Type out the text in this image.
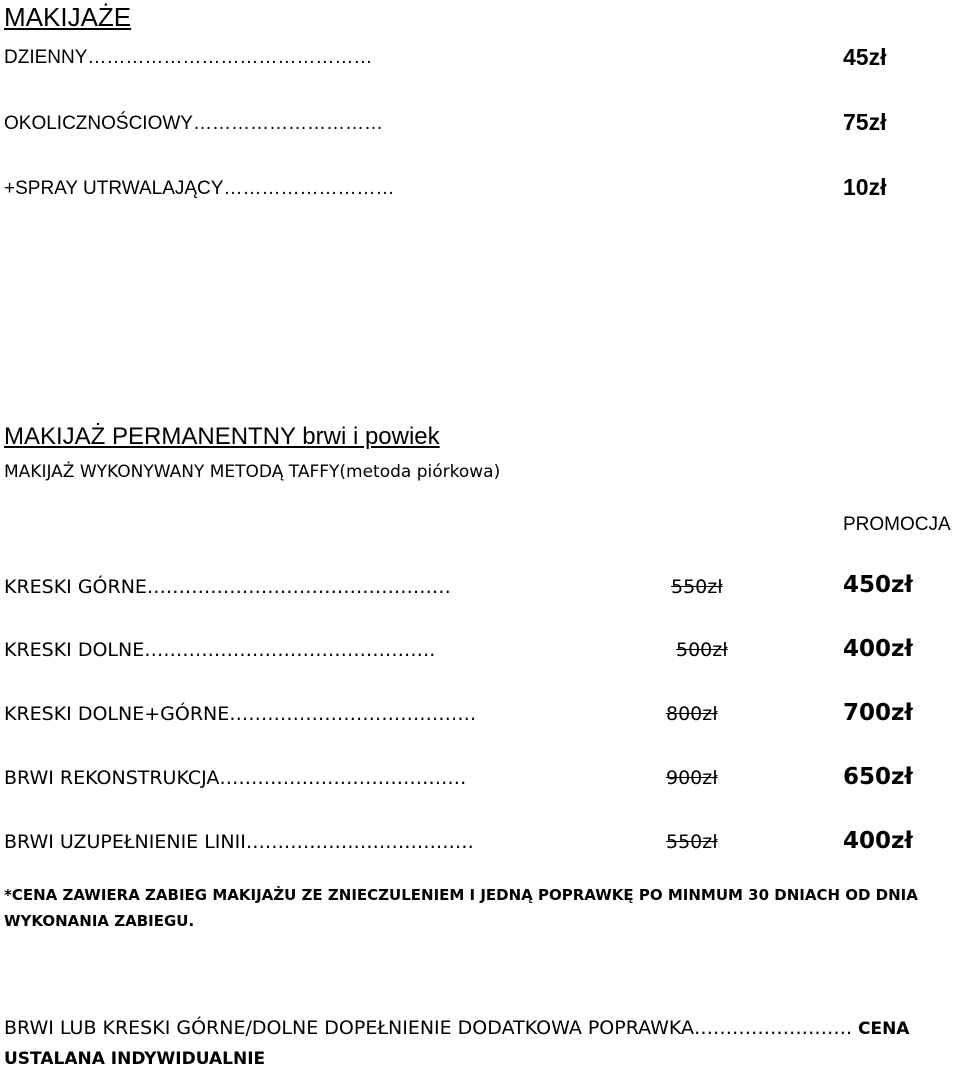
MAKIJAŻE
DZIENNY………………………………………	45zł
OKOLICZNOŚCIOWY…………………………	75zł
+SPRAY UTRWALAJĄCY………………………	10zł
MAKIJAŻ PERMANENTNY brwi i powiek
MAKIJAŻ WYKONYWANY METODĄ TAFFY(metoda piórkowa)
PROMOCJA
KRESKI GÓRNE…………………………………………	550zł	450zł
KRESKI DOLNE……………………………………….	500zł	400zł
KRESKI DOLNE+GÓRNE…………………………………	800zł	700zł
BRWI REKONSTRUKCJA…………………………………	900zł	650zł
BRWI UZUPEŁNIENIE LINII………………………………	550zł	400zł
*CENA ZAWIERA ZABIEG MAKIJAŻU ZE ZNIECZULENIEM I JEDNĄ POPRAWKĘ PO MINMUM 30 DNIACH OD DNIA
WYKONANIA ZABIEGU.
BRWI LUB KRESKI GÓRNE/DOLNE DOPEŁNIENIE DODATKOWA POPRAWKA……………………. CENA
USTALANA INDYWIDUALNIE
